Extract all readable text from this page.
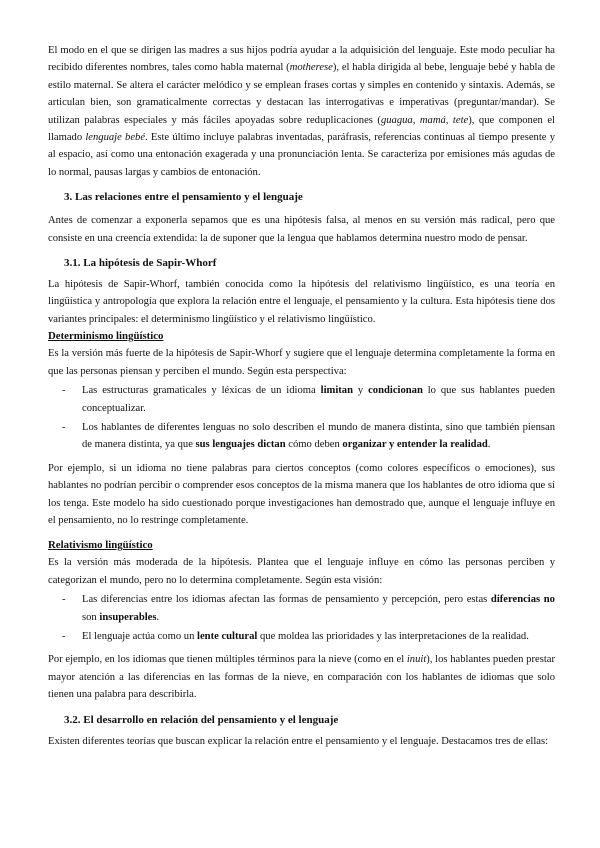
El modo en el que se dirigen las madres a sus hijos podría ayudar a la adquisición del lenguaje. Este modo peculiar ha recibido diferentes nombres, tales como habla maternal (motherese), el habla dirigida al bebe, lenguaje bebé y habla de estilo maternal. Se altera el carácter melódico y se emplean frases cortas y simples en contenido y sintaxis. Además, se articulan bien, son gramaticalmente correctas y destacan las interrogativas e imperativas (preguntar/mandar). Se utilizan palabras especiales y más fáciles apoyadas sobre reduplicaciones (guagua, mamá, tete), que componen el llamado lenguaje bebé. Este último incluye palabras inventadas, paráfrasis, referencias continuas al tiempo presente y al espacio, así como una entonación exagerada y una pronunciación lenta. Se caracteriza por emisiones más agudas de lo normal, pausas largas y cambios de entonación.

3. Las relaciones entre el pensamiento y el lenguaje

Antes de comenzar a exponerla sepamos que es una hipótesis falsa, al menos en su versión más radical, pero que consiste en una creencia extendida: la de suponer que la lengua que hablamos determina nuestro modo de pensar.

3.1. La hipótesis de Sapir-Whorf

La hipótesis de Sapir-Whorf, también conocida como la hipótesis del relativismo lingüístico, es una teoría en lingüística y antropología que explora la relación entre el lenguaje, el pensamiento y la cultura. Esta hipótesis tiene dos variantes principales: el determinismo lingüístico y el relativismo lingüístico.

Determinismo lingüístico

Es la versión más fuerte de la hipótesis de Sapir-Whorf y sugiere que el lenguaje determina completamente la forma en que las personas piensan y perciben el mundo. Según esta perspectiva:

- Las estructuras gramaticales y léxicas de un idioma limitan y condicionan lo que sus hablantes pueden conceptualizar.
- Los hablantes de diferentes lenguas no solo describen el mundo de manera distinta, sino que también piensan de manera distinta, ya que sus lenguajes dictan cómo deben organizar y entender la realidad.

Por ejemplo, si un idioma no tiene palabras para ciertos conceptos (como colores específicos o emociones), sus hablantes no podrían percibir o comprender esos conceptos de la misma manera que los hablantes de otro idioma que sí los tenga. Este modelo ha sido cuestionado porque investigaciones han demostrado que, aunque el lenguaje influye en el pensamiento, no lo restringe completamente.

Relativismo lingüístico

Es la versión más moderada de la hipótesis. Plantea que el lenguaje influye en cómo las personas perciben y categorizan el mundo, pero no lo determina completamente. Según esta visión:

- Las diferencias entre los idiomas afectan las formas de pensamiento y percepción, pero estas diferencias no son insuperables.
- El lenguaje actúa como un lente cultural que moldea las prioridades y las interpretaciones de la realidad.

Por ejemplo, en los idiomas que tienen múltiples términos para la nieve (como en el inuit), los hablantes pueden prestar mayor atención a las diferencias en las formas de la nieve, en comparación con los hablantes de idiomas que solo tienen una palabra para describirla.

3.2. El desarrollo en relación del pensamiento y el lenguaje

Existen diferentes teorías que buscan explicar la relación entre el pensamiento y el lenguaje. Destacamos tres de ellas:
